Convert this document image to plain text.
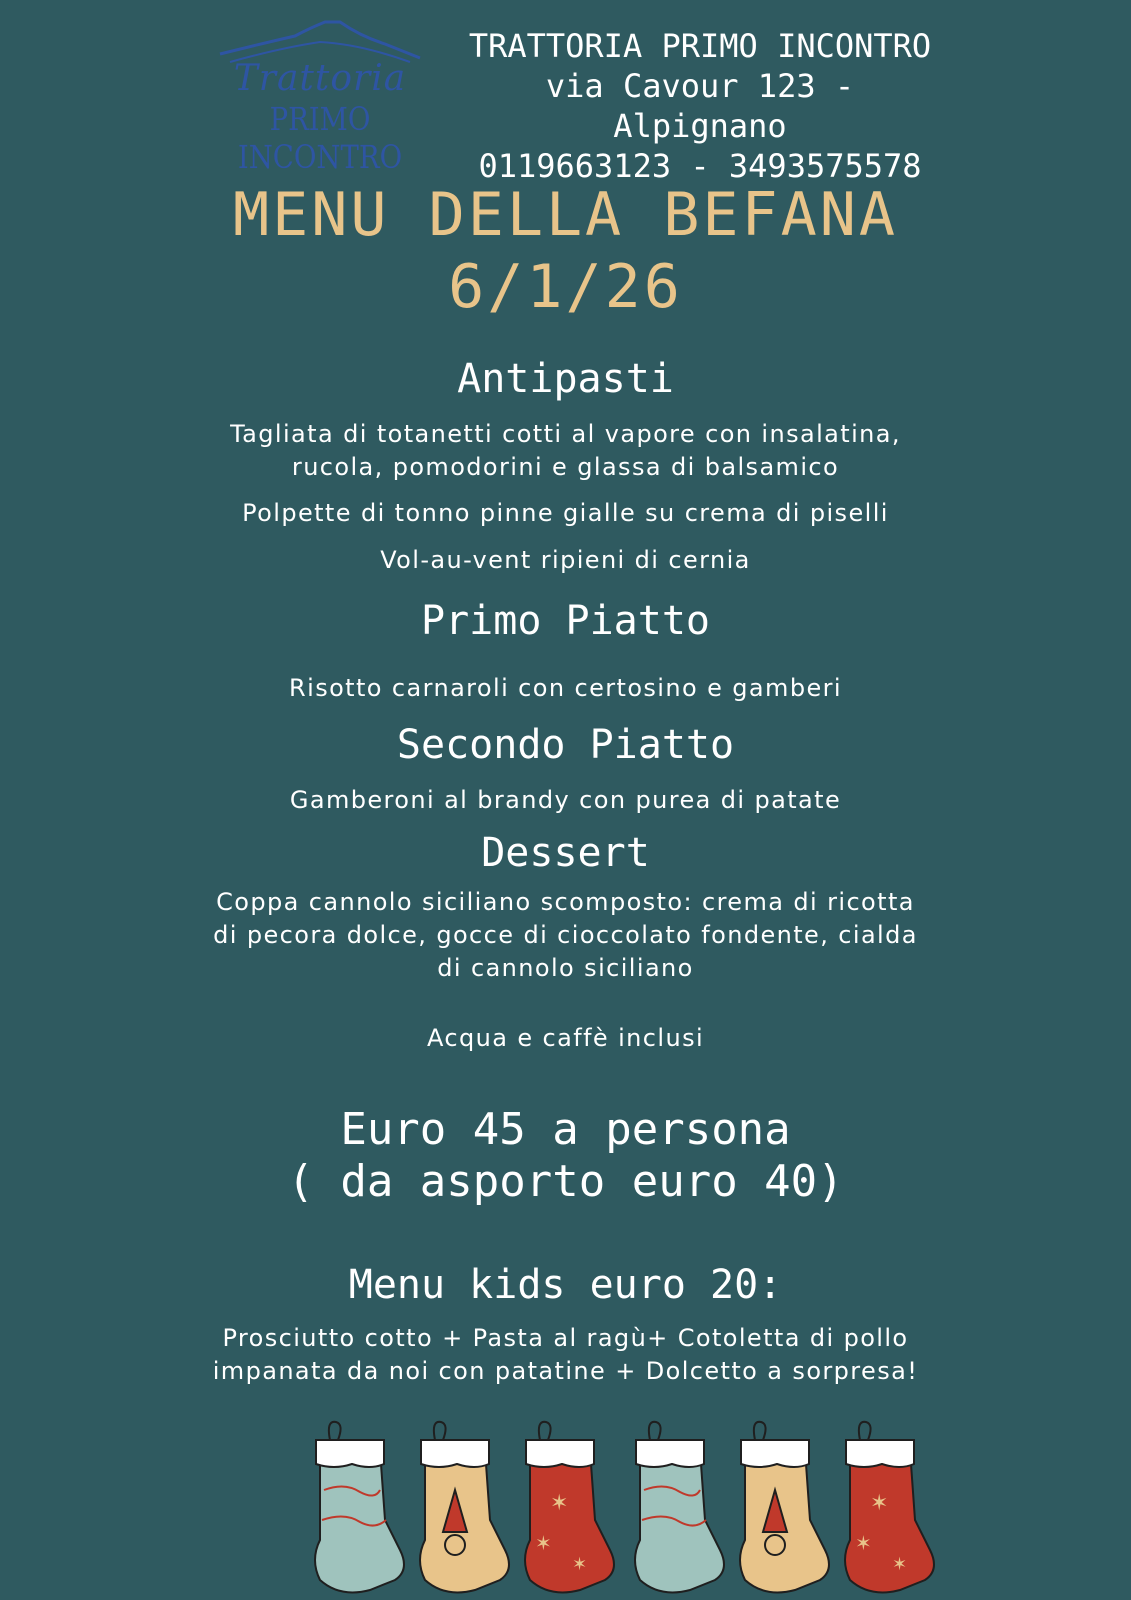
Trattoria
PRIMO INCONTRO
TRATTORIA PRIMO INCONTRO
via Cavour 123 - Alpignano
0119663123 - 3493575578
MENU DELLA BEFANA
6/1/26
Antipasti
Tagliata di totanetti cotti al vapore con insalatina,
rucola, pomodorini e glassa di balsamico
Polpette di tonno pinne gialle su crema di piselli
Vol-au-vent ripieni di cernia
Primo Piatto
Risotto carnaroli con certosino e gamberi
Secondo Piatto
Gamberoni al brandy con purea di patate
Dessert
Coppa cannolo siciliano scomposto: crema di ricotta
di pecora dolce, gocce di cioccolato fondente, cialda
di cannolo siciliano
Acqua e caffè inclusi
Euro 45 a persona
( da asporto euro 40)
Menu kids euro 20:
Prosciutto cotto + Pasta al ragù+ Cotoletta di pollo
impanata da noi con patatine + Dolcetto a sorpresa!
✶
✶
✶
✶
✶
✶
